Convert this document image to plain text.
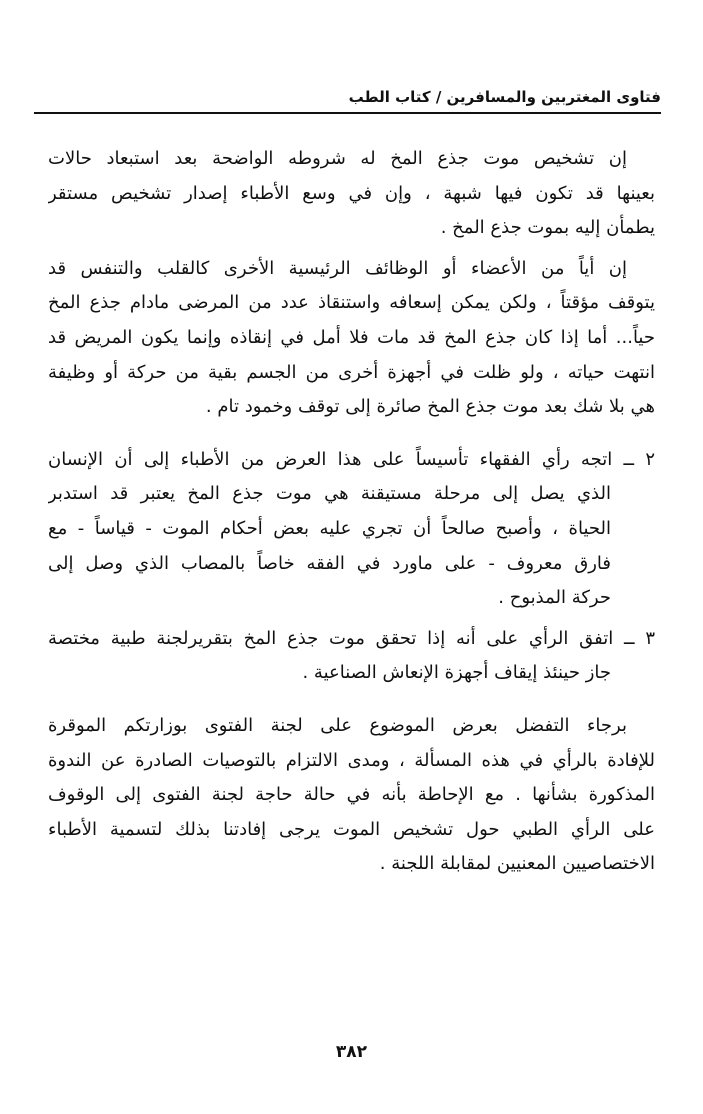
فتاوى المغتربين والمسافرين / كتاب الطب
إن تشخيص موت جذع المخ له شروطه الواضحة بعد استبعاد حالات
بعينها قد تكون فيها شبهة ، وإن في وسع الأطباء إصدار تشخيص مستقر
يطمأن إليه بموت جذع المخ .
إن أياً من الأعضاء أو الوظائف الرئيسية الأخرى كالقلب والتنفس قد
يتوقف مؤقتاً ، ولكن يمكن إسعافه واستنقاذ عدد من المرضى مادام جذع المخ
حياً... أما إذا كان جذع المخ قد مات فلا أمل في إنقاذه وإنما يكون المريض قد
انتهت حياته ، ولو ظلت في أجهزة أخرى من الجسم بقية من حركة أو وظيفة
هي بلا شك بعد موت جذع المخ صائرة إلى توقف وخمود تام .
٢ ــ اتجه رأي الفقهاء تأسيساً على هذا العرض من الأطباء إلى أن الإنسان
الذي يصل إلى مرحلة مستيقنة هي موت جذع المخ يعتبر قد استدبر
الحياة ، وأصبح صالحاً أن تجري عليه بعض أحكام الموت - قياساً - مع
فارق معروف - على ماورد في الفقه خاصاً بالمصاب الذي وصل إلى
حركة المذبوح .
٣ ــ اتفق الرأي على أنه إذا تحقق موت جذع المخ بتقريرلجنة طبية مختصة
جاز حينئذ إيقاف أجهزة الإنعاش الصناعية .
برجاء التفضل بعرض الموضوع على لجنة الفتوى بوزارتكم الموقرة
للإفادة بالرأي في هذه المسألة ، ومدى الالتزام بالتوصيات الصادرة عن الندوة
المذكورة بشأنها . مع الإحاطة بأنه في حالة حاجة لجنة الفتوى إلى الوقوف
على الرأي الطبي حول تشخيص الموت يرجى إفادتنا بذلك لتسمية الأطباء
الاختصاصيين المعنيين لمقابلة اللجنة .
٣٨٢
